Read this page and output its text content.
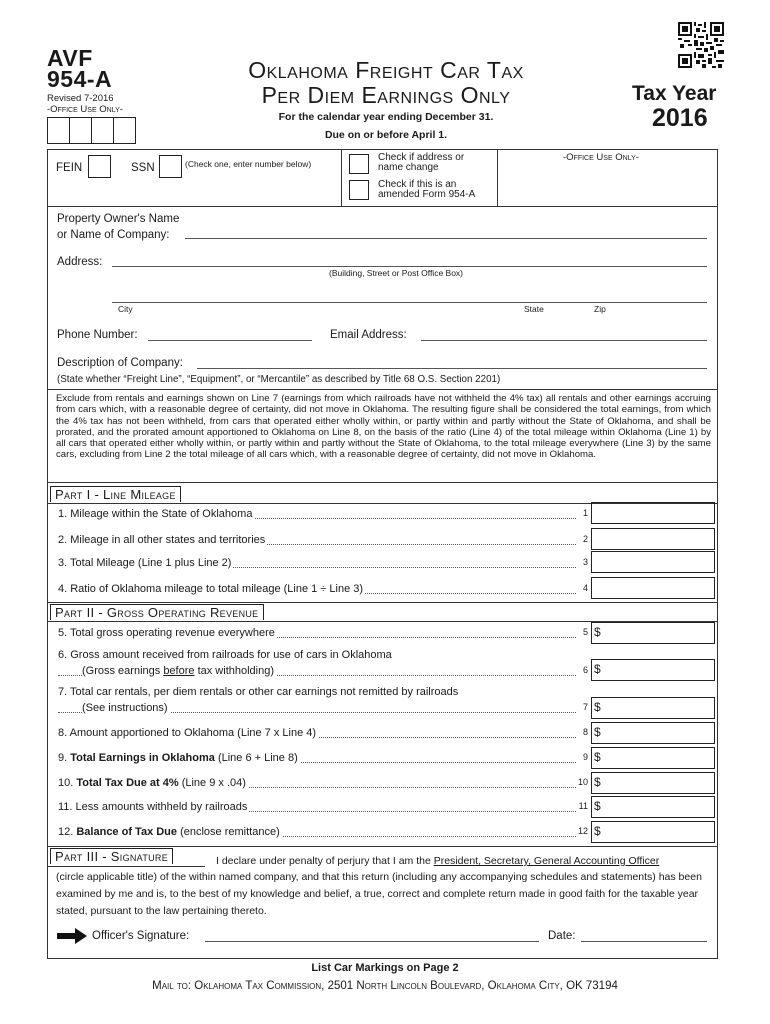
AVF
954-A
Revised 7-2016
-Office Use Only-
Oklahoma Freight Car Tax
Per Diem Earnings Only
For the calendar year ending December 31.
Due on or before April 1.
Tax Year
2016
FEIN	SSN	(Check one, enter number below)
Check if address or
name change
Check if this is an
amended Form 954-A
-Office Use Only-
Property Owner's Name
or Name of Company:
Address:
(Building, Street or Post Office Box)
City	State	Zip
Phone Number:	Email Address:
Description of Company:
(State whether “Freight Line”, “Equipment”, or “Mercantile” as described by Title 68 O.S. Section 2201)
Exclude from rentals and earnings shown on Line 7 (earnings from which railroads have not withheld the 4% tax) all rentals and other earnings accruing from cars which, with a reasonable degree of certainty, did not move in Oklahoma. The resulting figure shall be considered the total earnings, from which the 4% tax has not been withheld, from cars that operated either wholly within, or partly within and partly without the State of Oklahoma, and shall be prorated, and the prorated amount apportioned to Oklahoma on Line 8, on the basis of the ratio (Line 4) of the total mileage within Oklahoma (Line 1) by all cars that operated either wholly within, or partly within and partly without the State of Oklahoma, to the total mileage everywhere (Line 3) by the same cars, excluding from Line 2 the total mileage of all cars which, with a reasonable degree of certainty, did not move in Oklahoma.
Part I - Line Mileage
1. Mileage within the State of Oklahoma	1
2. Mileage in all other states and territories	2
3. Total Mileage (Line 1 plus Line 2)	3
4. Ratio of Oklahoma mileage to total mileage (Line 1 ÷ Line 3)	4
Part II - Gross Operating Revenue
5. Total gross operating revenue everywhere	5 $
6. Gross amount received from railroads for use of cars in Oklahoma
(Gross earnings before tax withholding)	6 $
7. Total car rentals, per diem rentals or other car earnings not remitted by railroads
(See instructions)	7 $
8. Amount apportioned to Oklahoma (Line 7 x Line 4)	8 $
9. Total Earnings in Oklahoma (Line 6 + Line 8)	9 $
10. Total Tax Due at 4% (Line 9 x .04)	10 $
11. Less amounts withheld by railroads	11 $
12. Balance of Tax Due (enclose remittance)	12 $
Part III - Signature	I declare under penalty of perjury that I am the President, Secretary, General Accounting Officer
(circle applicable title) of the within named company, and that this return (including any accompanying schedules and statements) has been examined by me and is, to the best of my knowledge and belief, a true, correct and complete return made in good faith for the taxable year stated, pursuant to the law pertaining thereto.
Officer's Signature:	Date:
List Car Markings on Page 2
Mail to: Oklahoma Tax Commission, 2501 North Lincoln Boulevard, Oklahoma City, OK 73194
